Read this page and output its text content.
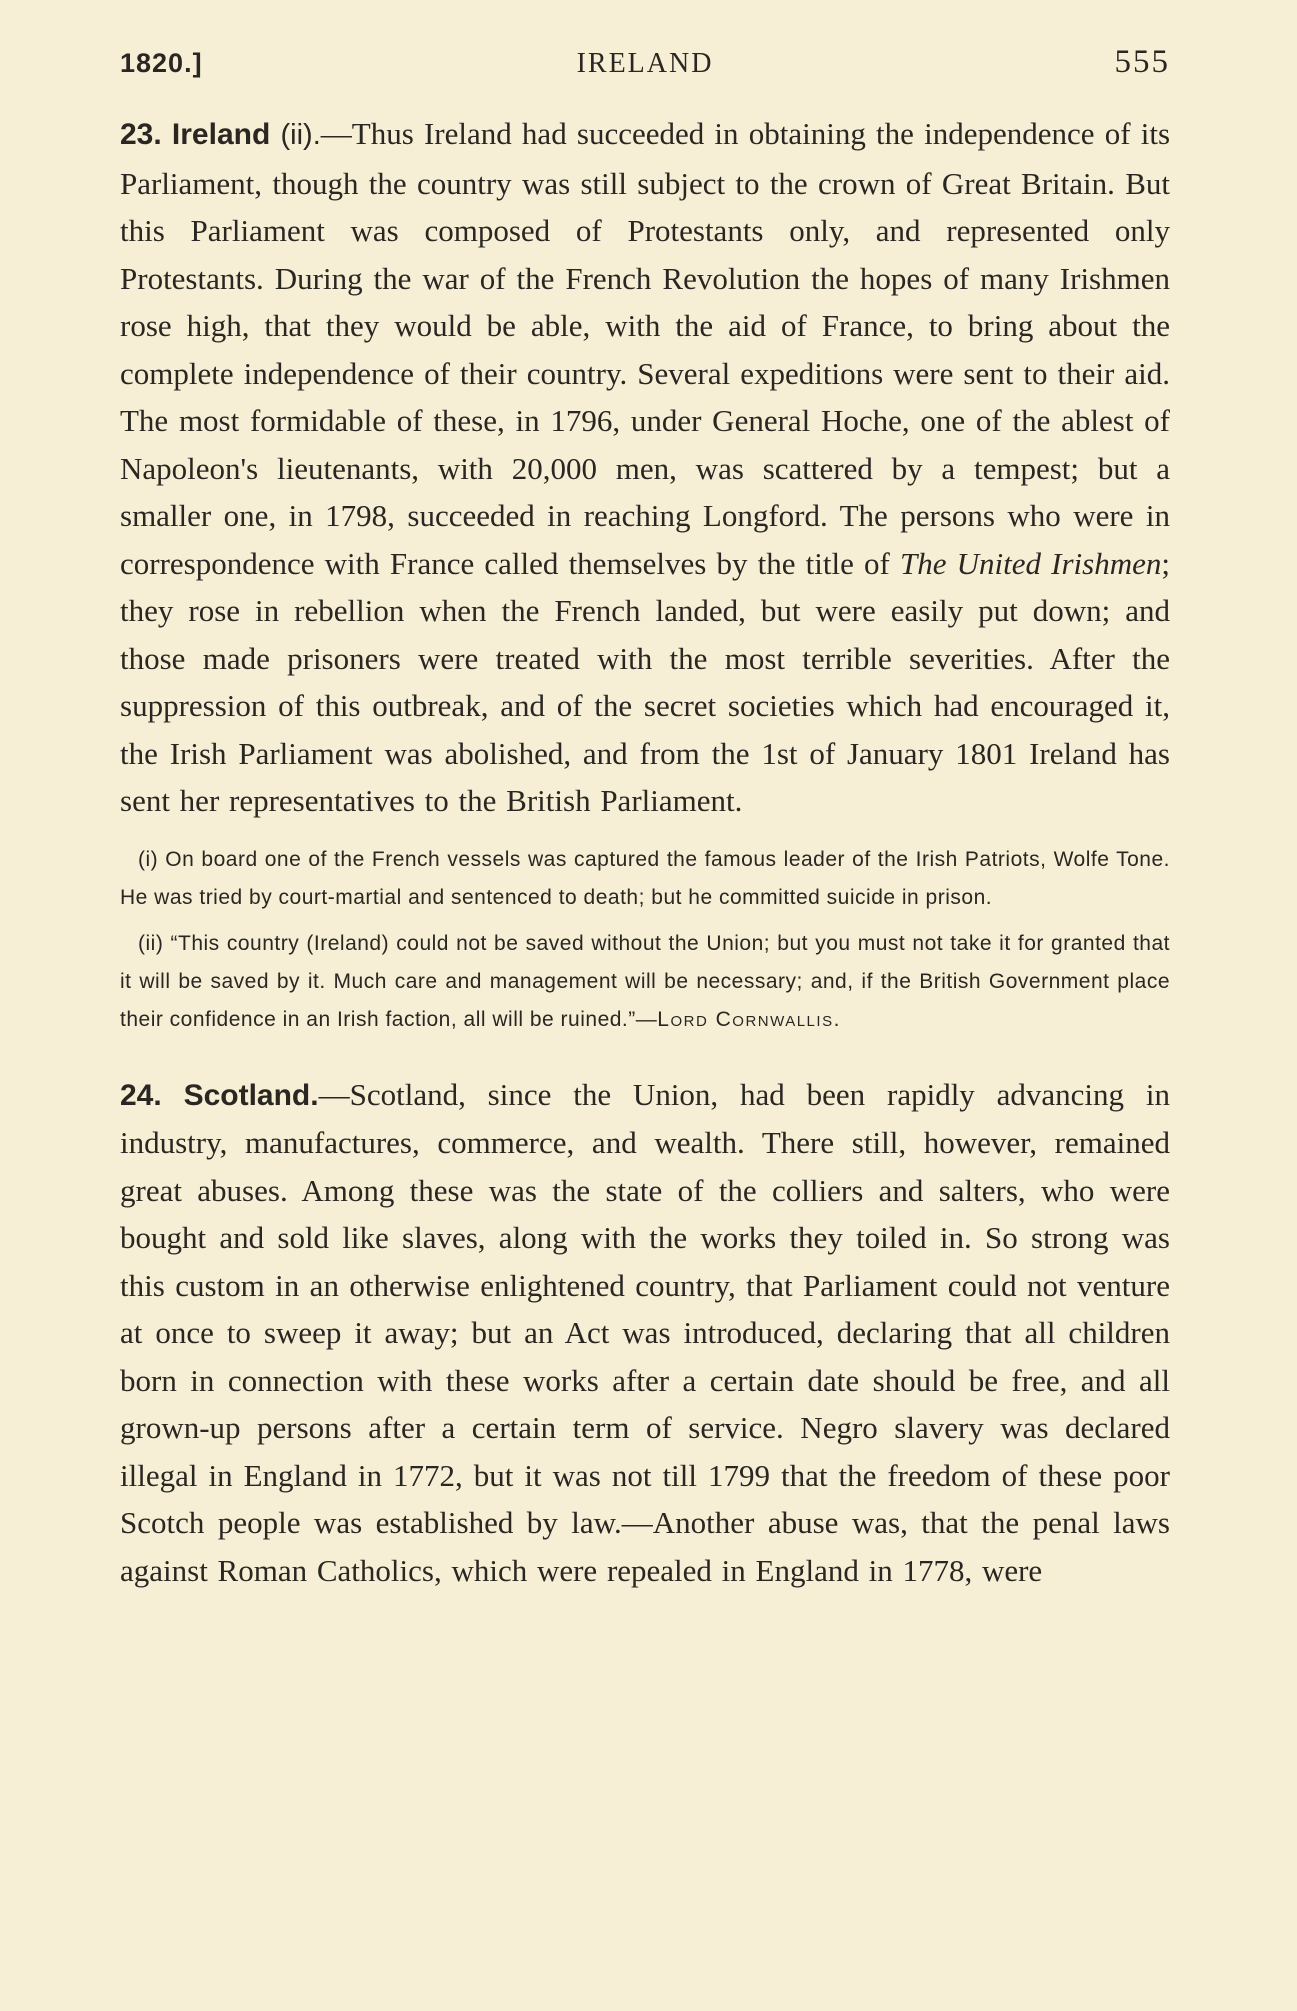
1820.]	IRELAND	555

23. Ireland (ii).—Thus Ireland had succeeded in obtaining the independence of its Parliament, though the country was still subject to the crown of Great Britain. But this Parliament was composed of Protestants only, and represented only Protestants. During the war of the French Revolution the hopes of many Irishmen rose high, that they would be able, with the aid of France, to bring about the complete independence of their country. Several expeditions were sent to their aid. The most formidable of these, in 1796, under General Hoche, one of the ablest of Napoleon's lieutenants, with 20,000 men, was scattered by a tempest; but a smaller one, in 1798, succeeded in reaching Longford. The persons who were in correspondence with France called themselves by the title of The United Irishmen; they rose in rebellion when the French landed, but were easily put down; and those made prisoners were treated with the most terrible severities. After the suppression of this outbreak, and of the secret societies which had encouraged it, the Irish Parliament was abolished, and from the 1st of January 1801 Ireland has sent her representatives to the British Parliament.

(i) On board one of the French vessels was captured the famous leader of the Irish Patriots, Wolfe Tone. He was tried by court-martial and sentenced to death; but he committed suicide in prison.

(ii) “This country (Ireland) could not be saved without the Union; but you must not take it for granted that it will be saved by it. Much care and management will be necessary; and, if the British Government place their confidence in an Irish faction, all will be ruined.”—Lord Cornwallis.

24. Scotland.—Scotland, since the Union, had been rapidly advancing in industry, manufactures, commerce, and wealth. There still, however, remained great abuses. Among these was the state of the colliers and salters, who were bought and sold like slaves, along with the works they toiled in. So strong was this custom in an otherwise enlightened country, that Parliament could not venture at once to sweep it away; but an Act was introduced, declaring that all children born in connection with these works after a certain date should be free, and all grown-up persons after a certain term of service. Negro slavery was declared illegal in England in 1772, but it was not till 1799 that the freedom of these poor Scotch people was established by law.—Another abuse was, that the penal laws against Roman Catholics, which were repealed in England in 1778, were
